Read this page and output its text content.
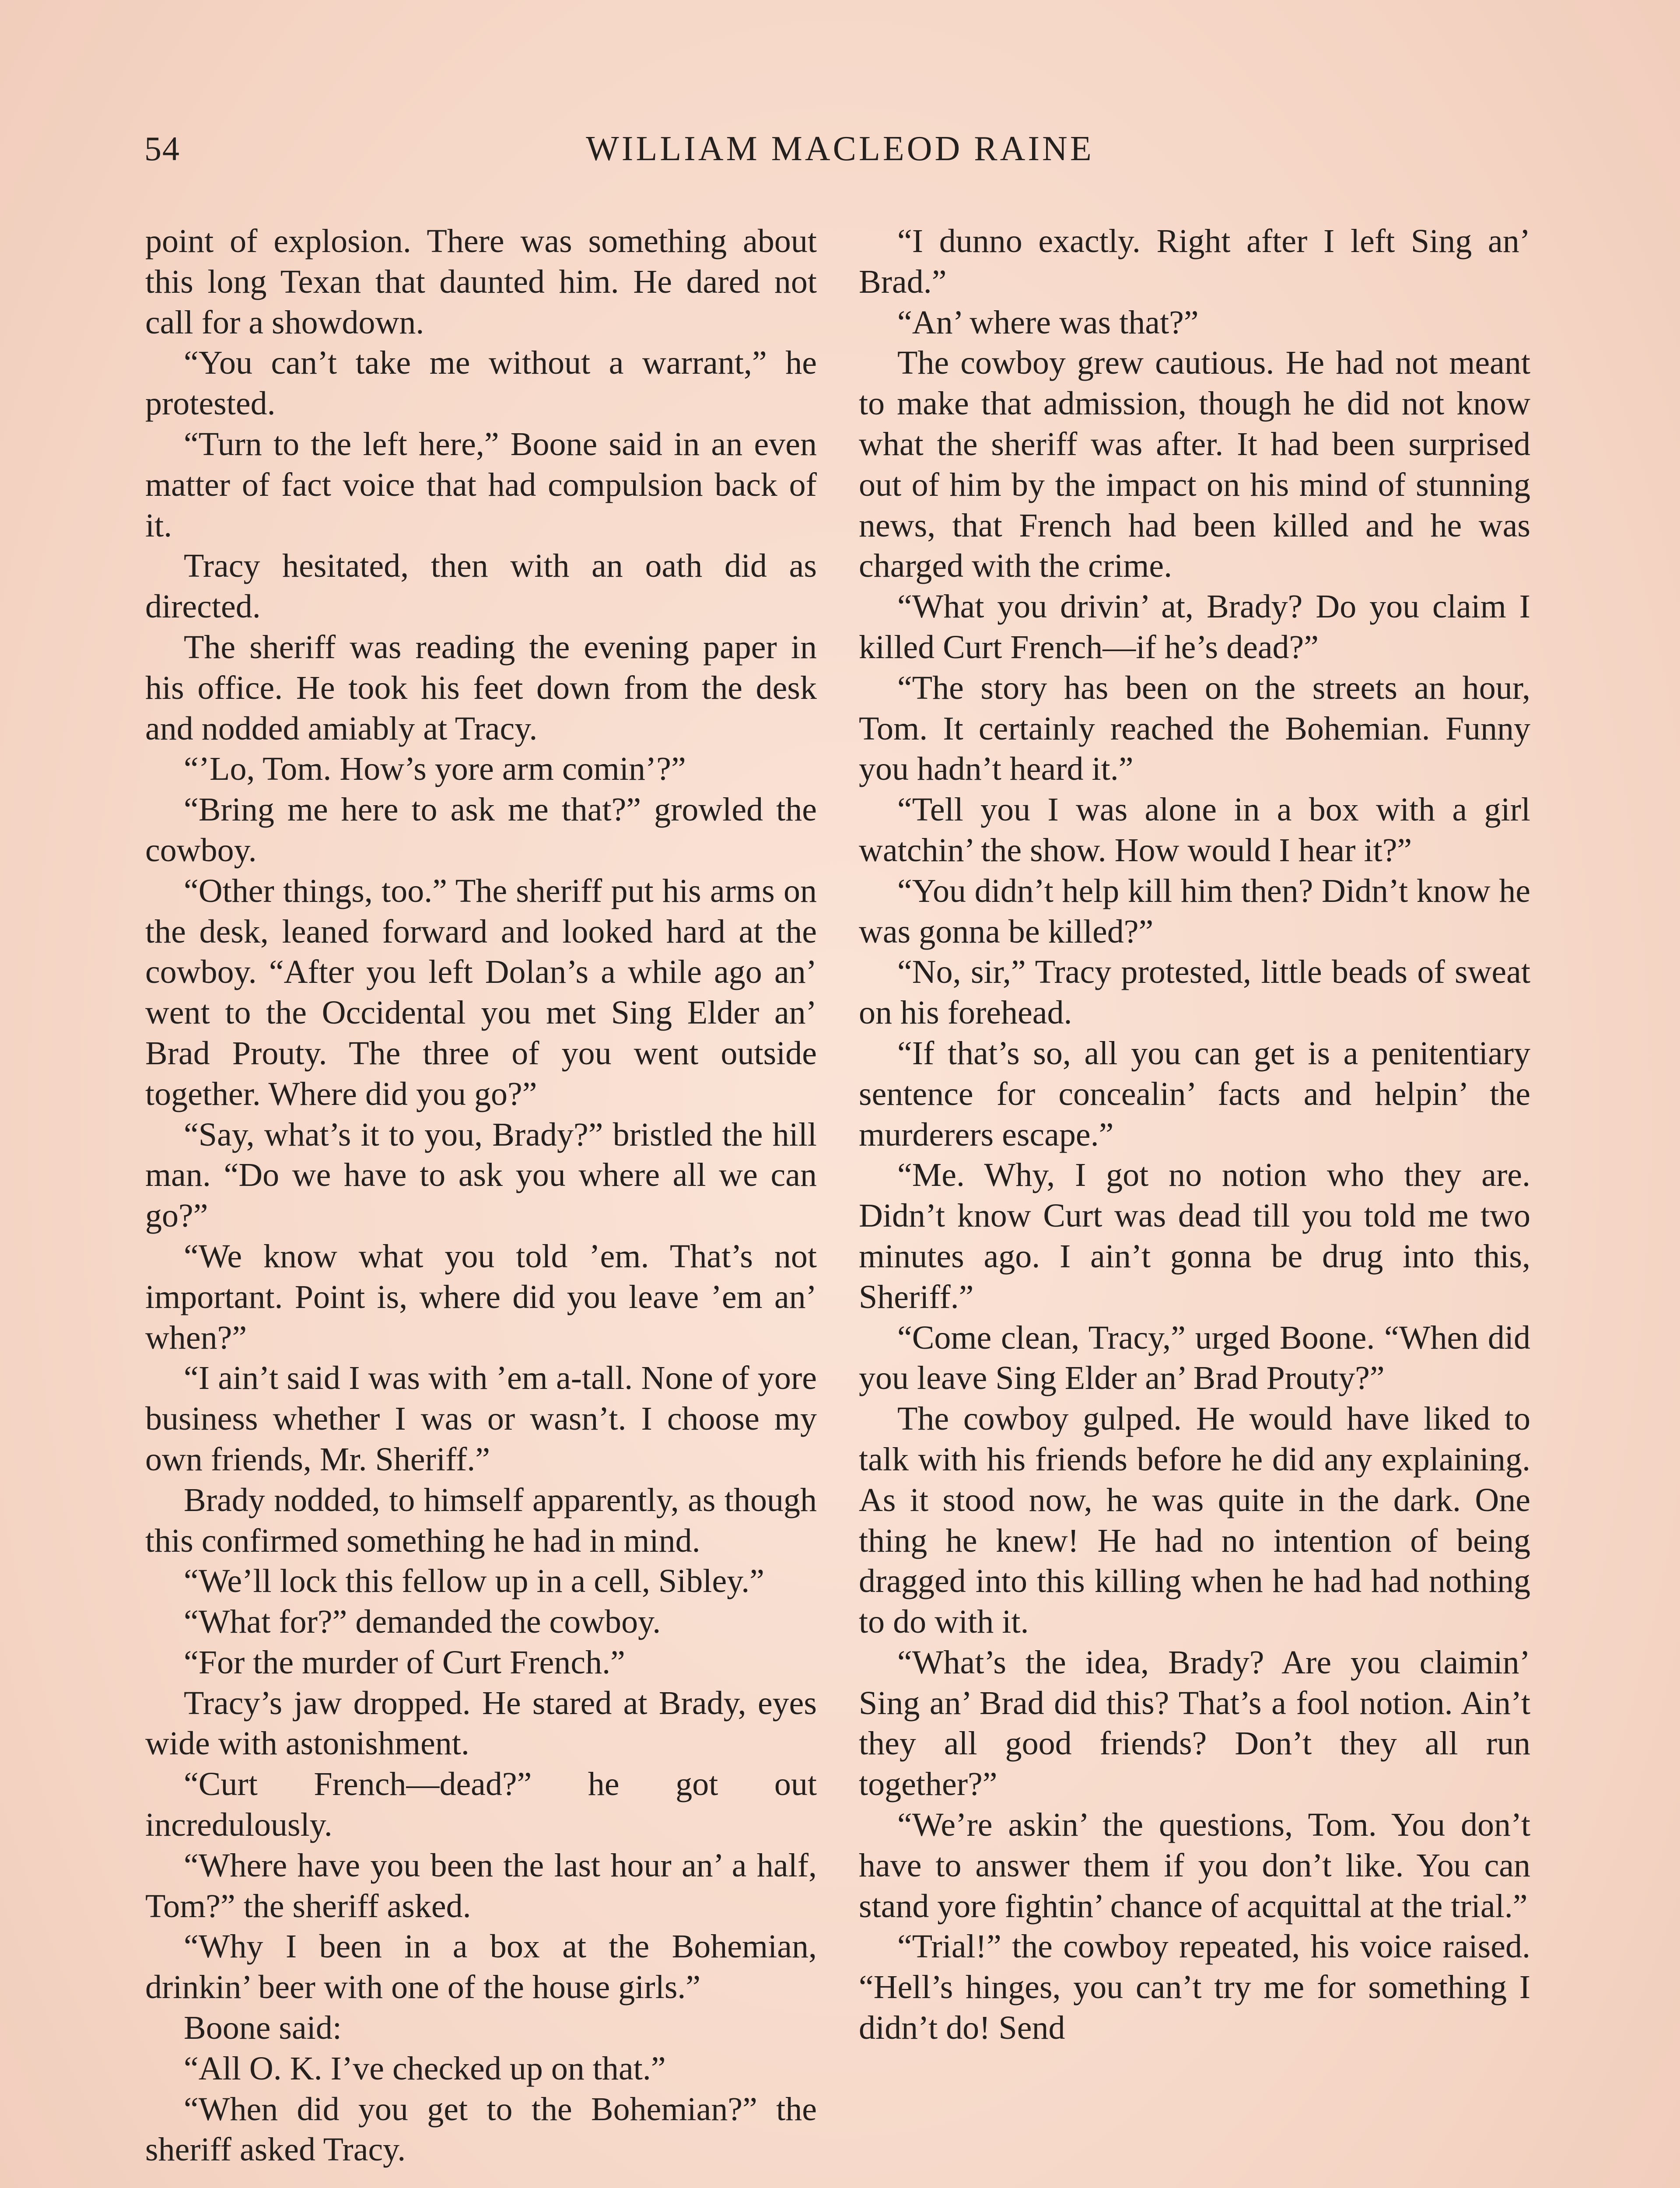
54	WILLIAM MACLEOD RAINE

point of explosion. There was something about this long Texan that daunted him. He dared not call for a showdown.

“You can’t take me without a warrant,” he protested.

“Turn to the left here,” Boone said in an even matter of fact voice that had compulsion back of it.

Tracy hesitated, then with an oath did as directed.

The sheriff was reading the evening paper in his office. He took his feet down from the desk and nodded amiably at Tracy.

“’Lo, Tom. How’s yore arm comin’?”

“Bring me here to ask me that?” growled the cowboy.

“Other things, too.” The sheriff put his arms on the desk, leaned forward and looked hard at the cowboy. “After you left Dolan’s a while ago an’ went to the Occidental you met Sing Elder an’ Brad Prouty. The three of you went outside together. Where did you go?”

“Say, what’s it to you, Brady?” bristled the hill man. “Do we have to ask you where all we can go?”

“We know what you told ’em. That’s not important. Point is, where did you leave ’em an’ when?”

“I ain’t said I was with ’em a-tall. None of yore business whether I was or wasn’t. I choose my own friends, Mr. Sheriff.”

Brady nodded, to himself apparently, as though this confirmed something he had in mind.

“We’ll lock this fellow up in a cell, Sibley.”

“What for?” demanded the cowboy.

“For the murder of Curt French.”

Tracy’s jaw dropped. He stared at Brady, eyes wide with astonishment.

“Curt French—dead?” he got out incredulously.

“Where have you been the last hour an’ a half, Tom?” the sheriff asked.

“Why I been in a box at the Bohemian, drinkin’ beer with one of the house girls.”

Boone said:

“All O. K. I’ve checked up on that.”

“When did you get to the Bohemian?” the sheriff asked Tracy.

“I dunno exactly. Right after I left Sing an’ Brad.”

“An’ where was that?”

The cowboy grew cautious. He had not meant to make that admission, though he did not know what the sheriff was after. It had been surprised out of him by the impact on his mind of stunning news, that French had been killed and he was charged with the crime.

“What you drivin’ at, Brady? Do you claim I killed Curt French—if he’s dead?”

“The story has been on the streets an hour, Tom. It certainly reached the Bohemian. Funny you hadn’t heard it.”

“Tell you I was alone in a box with a girl watchin’ the show. How would I hear it?”

“You didn’t help kill him then? Didn’t know he was gonna be killed?”

“No, sir,” Tracy protested, little beads of sweat on his forehead.

“If that’s so, all you can get is a penitentiary sentence for concealin’ facts and helpin’ the murderers escape.”

“Me. Why, I got no notion who they are. Didn’t know Curt was dead till you told me two minutes ago. I ain’t gonna be drug into this, Sheriff.”

“Come clean, Tracy,” urged Boone. “When did you leave Sing Elder an’ Brad Prouty?”

The cowboy gulped. He would have liked to talk with his friends before he did any explaining. As it stood now, he was quite in the dark. One thing he knew! He had no intention of being dragged into this killing when he had had nothing to do with it.

“What’s the idea, Brady? Are you claimin’ Sing an’ Brad did this? That’s a fool notion. Ain’t they all good friends? Don’t they all run together?”

“We’re askin’ the questions, Tom. You don’t have to answer them if you don’t like. You can stand yore fightin’ chance of acquittal at the trial.”

“Trial!” the cowboy repeated, his voice raised. “Hell’s hinges, you can’t try me for something I didn’t do! Send
